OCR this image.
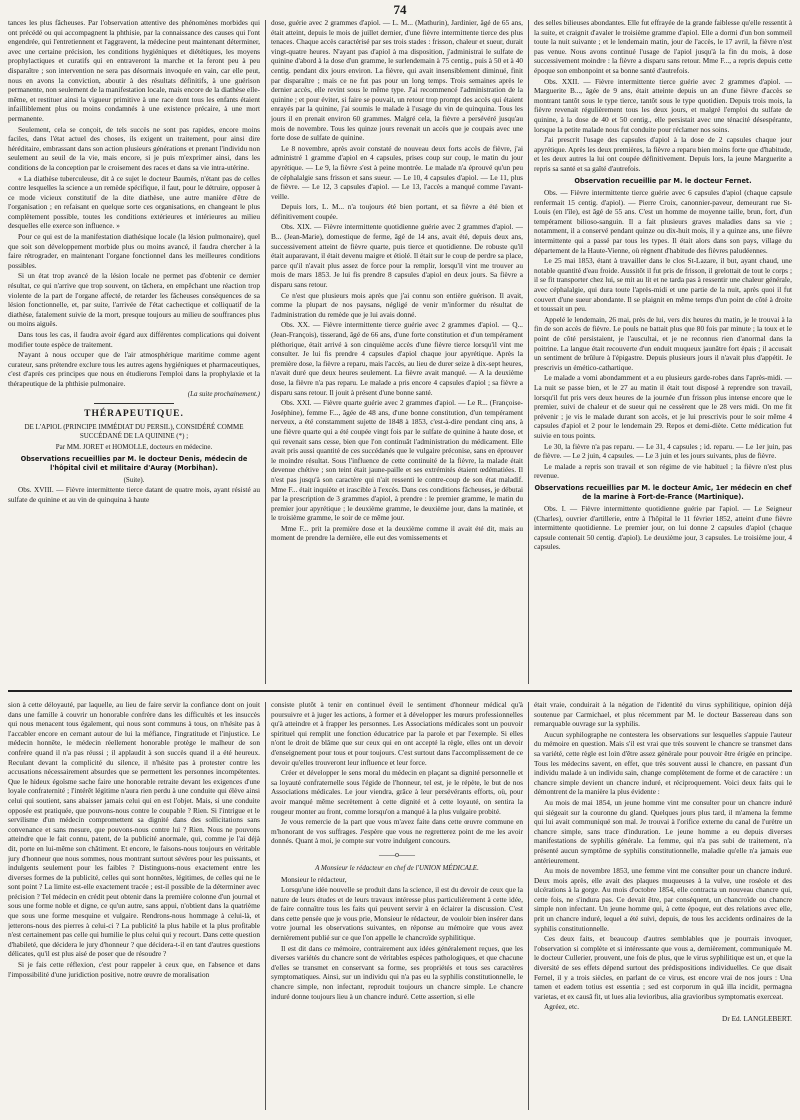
74

tances les plus fâcheuses. Par l'observation attentive des phénomènes morbides qui ont précédé ou qui accompagnent la phthisie, par la connaissance des causes qui l'ont engendrée, qui l'entretiennent et l'aggravent, la médecine peut maintenant déterminer, avec une certaine précision, les conditions hygiéniques et diététiques, les moyens prophylactiques et curatifs qui en entraveront la marche et la feront peu à peu disparaître ; son intervention ne sera pas désormais invoquée en vain, car elle peut, nous en avons la conviction, aboutir à des résultats définitifs, à une guérison permanente, non seulement de la manifestation locale, mais encore de la diathèse elle-même, et restituer ainsi la vigueur primitive à une race dont tous les enfants étaient infailliblement plus ou moins condamnés à une existence précaire, à une mort permanente.

Seulement, cela se conçoit, de tels succès ne sont pas rapides, encore moins faciles, dans l'état actuel des choses, ils exigent un traitement, pour ainsi dire héréditaire, embrassant dans son action plusieurs générations et prenant l'individu non seulement au seuil de la vie, mais encore, si je puis m'exprimer ainsi, dans les conditions de la conception par le croisement des races et dans sa vie intra-utérine.

« La diathèse tuberculeuse, dit à ce sujet le docteur Baumès, n'étant pas de celles contre lesquelles la science a un remède spécifique, il faut, pour le détruire, opposer à ce mode vicieux constitutif de la dite diathèse, une autre manière d'être de l'organisation ; en refaisant en quelque sorte ces organisations, en changeant le plus complètement possible, toutes les conditions extérieures et intérieures au milieu desquelles elle exerce son influence. »

Pour ce qui est de la manifestation diathésique locale (la lésion pulmonaire), quel que soit son développement morbide plus ou moins avancé, il faudra chercher à la faire rétrograder, en maintenant l'organe fonctionnel dans les meilleures conditions possibles.

Si un état trop avancé de la lésion locale ne permet pas d'obtenir ce dernier résultat, ce qui n'arrive que trop souvent, on tâchera, en empêchant une réaction trop violente de la part de l'organe affecté, de retarder les fâcheuses conséquences de sa lésion fonctionnelle, et, par suite, l'arrivée de l'état cachectique et colliquatif de la diathèse, fatalement suivie de la mort, presque toujours au milieu de souffrances plus ou moins aiguës.

Dans tous les cas, il faudra avoir égard aux différentes complications qui doivent modifier toute espèce de traitement.

N'ayant à nous occuper que de l'air atmosphérique maritime comme agent curateur, sans prétendre exclure tous les autres agens hygiéniques et pharmaceutiques, c'est d'après ces principes que nous en étudierons l'emploi dans la prophylaxie et la thérapeutique de la phthisie pulmonaire.

(La suite prochainement.)
THÉRAPEUTIQUE.
DE L'APIOL (PRINCIPE IMMÉDIAT DU PERSIL), CONSIDÉRÉ COMME SUCCÉDANÉ DE LA QUININE (*) ;
Par MM. JORET et HOMOLLE, docteurs en médecine.
Observations recueillies par M. le docteur Denis, médecin de l'hôpital civil et militaire d'Auray (Morbihan).
(Suite).

Obs. XVIII. — Fièvre intermittente tierce datant de quatre mois, ayant résisté au sulfate de quinine et au vin de quinquina à haute

dose, guérie avec 2 grammes d'apiol. — L. M... (Mathurin), Jardinier, âgé de 65 ans, était atteint, depuis le mois de juillet dernier, d'une fièvre intermittente tierce des plus tenaces. Chaque accès caractérisé par ses trois stades : frisson, chaleur et sueur, durait vingt-quatre heures. N'ayant pas d'apiol à ma disposition, j'administrai le sulfate de quinine d'abord à la dose d'un gramme, le surlendemain à 75 centig., puis à 50 et à 40 centig. pendant dix jours environ. La fièvre, qui avait insensiblement diminué, finit par disparaître ; mais ce ne fut pas pour un long temps. Trois semaines après le dernier accès, elle revint sous le même type. J'ai recommencé l'administration de la quinine ; et pour éviter, si faire se pouvait, un retour trop prompt des accès qui étaient enrayés par la quinine, j'ai soumis le malade à l'usage du vin de quinquina. Tous les jours il en prenait environ 60 grammes. Malgré cela, la fièvre a persévéré jusqu'au mois de novembre. Tous les quinze jours revenait un accès que je coupais avec une forte dose de sulfate de quinine.

Le 8 novembre, après avoir constaté de nouveau deux forts accès de fièvre, j'ai administré 1 gramme d'apiol en 4 capsules, prises coup sur coup, le matin du jour apyrétique. — Le 9, la fièvre s'est à peine montrée. Le malade n'a éprouvé qu'un peu de céphalalgie sans frisson et sans sueur. — Le 10, 4 capsules d'apiol. — Le 11, plus de fièvre. — Le 12, 3 capsules d'apiol. — Le 13, l'accès a manqué comme l'avant-veille.

Depuis lors, L. M... n'a toujours été bien portant, et sa fièvre a été bien et définitivement coupée.

Obs. XIX. — Fièvre intermittente quotidienne guérie avec 2 grammes d'apiol. — B... (Jean-Marie), domestique de ferme, âgé de 14 ans, avait été, depuis deux ans, successivement atteint de fièvre quarte, puis tierce et quotidienne. De robuste qu'il était auparavant, il était devenu maigre et étiolé. Il était sur le coup de perdre sa place, parce qu'il n'avait plus assez de force pour la remplir, lorsqu'il vint me trouver au mois de mars 1853. Je lui fis prendre 8 capsules d'apiol en deux jours. Sa fièvre a disparu sans retour.

Ce n'est que plusieurs mois après que j'ai connu son entière guérison. Il avait, comme la plupart de nos paysans, négligé de venir m'informer du résultat de l'administration du remède que je lui avais donné.

Obs. XX. — Fièvre intermittente tierce guérie avec 2 grammes d'apiol. — Q... (Jean-François), tisserand, âgé de 66 ans, d'une forte constitution et d'un tempérament pléthorique, était arrivé à son cinquième accès d'une fièvre tierce lorsqu'il vint me consulter. Je lui fis prendre 4 capsules d'apiol chaque jour apyrétique. Après la première dose, la fièvre a reparu, mais l'accès, au lieu de durer seize à dix-sept heures, n'avait duré que deux heures seulement. La fièvre avait manqué. — A la deuxième dose, la fièvre n'a pas reparu. Le malade a pris encore 4 capsules d'apiol ; sa fièvre a disparu sans retour. Il jouit à présent d'une bonne santé.

Obs. XXI. — Fièvre quarte guérie avec 2 grammes d'apiol. — Le R... (Françoise-Joséphine), femme F..., âgée de 48 ans, d'une bonne constitution, d'un tempérament nerveux, a été constamment sujette de 1848 à 1853, c'est-à-dire pendant cinq ans, à une fièvre quarte qui a été coupée vingt fois par le sulfate de quinine à haute dose, et qui revenait sans cesse, bien que l'on continuât l'administration du médicament. Elle avait pris aussi quantité de ces succédanés que le vulgaire préconise, sans en éprouver le moindre résultat. Sous l'influence de cette continuité de la fièvre, la malade était devenue chétive ; son teint était jaune-paille et ses extrémités étaient œdématiées. Il n'est pas jusqu'à son caractère qui n'ait ressenti le contre-coup de son état maladif. Mme F... était inquiète et irascible à l'excès. Dans ces conditions fâcheuses, je débutai par la prescription de 3 grammes d'apiol, à prendre : le premier gramme, le matin du premier jour apyrétique ; le deuxième gramme, le deuxième jour, dans la matinée, et le troisième gramme, le soir de ce même jour.

Mme F... prit la première dose et la deuxième comme il avait été dit, mais au moment de prendre la dernière, elle eut des vomissements et

des selles bilieuses abondantes. Elle fut effrayée de la grande faiblesse qu'elle ressentit à la suite, et craignit d'avaler le troisième gramme d'apiol. Elle a dormi d'un bon sommeil toute la nuit suivante ; et le lendemain matin, jour de l'accès, le 17 avril, la fièvre n'est pas venue. Nous avons continué l'usage de l'apiol jusqu'à la fin du mois, à dose successivement moindre : la fièvre a disparu sans retour. Mme F..., a repris depuis cette époque son embonpoint et sa bonne santé d'autrefois.

Obs. XXII. — Fièvre intermittente tierce guérie avec 2 grammes d'apiol. — Marguerite B..., âgée de 9 ans, était atteinte depuis un an d'une fièvre d'accès se montrant tantôt sous le type tierce, tantôt sous le type quotidien. Depuis trois mois, la fièvre revenait régulièrement tous les deux jours, et malgré l'emploi du sulfate de quinine, à la dose de 40 et 50 centig., elle persistait avec une ténacité désespérante, lorsque la petite malade nous fut conduite pour réclamer nos soins.

J'ai prescrit l'usage des capsules d'apiol à la dose de 2 capsules chaque jour apyrétique. Après les deux premières, la fièvre a reparu bien moins forte que d'habitude, et les deux autres la lui ont coupée définitivement. Depuis lors, la jeune Marguerite a repris sa santé et sa gaîté d'autrefois.

Observation recueillie par M. le docteur Fernet.

Obs. — Fièvre intermittente tierce guérie avec 6 capsules d'apiol (chaque capsule renfermait 15 centig. d'apiol). — Pierre Croix, canonnier-paveur, demeurant rue St-Louis (en l'île), est âgé de 55 ans. C'est un homme de moyenne taille, brun, fort, d'un tempérament bilioso-sanguin. Il a fait plusieurs graves maladies dans sa vie ; notamment, il a conservé pendant quinze ou dix-huit mois, il y a quinze ans, une fièvre intermittente qui a passé par tous les types. Il était alors dans son pays, village du département de la Haute-Vienne, où règnent d'habitude des fièvres paludéennes.

Le 25 mai 1853, étant à travailler dans le clos St-Lazare, il but, ayant chaud, une notable quantité d'eau froide. Aussitôt il fut pris de frisson, il grelottait de tout le corps ; il se fit transporter chez lui, se mit au lit et ne tarda pas à ressentir une chaleur générale, avec céphalalgie, qui dura toute l'après-midi et une partie de la nuit, après quoi il fut couvert d'une sueur abondante. Il se plaignit en même temps d'un point de côté à droite et toussait un peu.

Appelé le lendemain, 26 mai, près de lui, vers dix heures du matin, je le trouvai à la fin de son accès de fièvre. Le pouls ne battait plus que 80 fois par minute ; la toux et le point de côté persistaient, je l'auscultai, et je ne reconnus rien d'anormal dans la poitrine. La langue était recouverte d'un enduit muqueux jaunâtre fort épais ; il accusait un sentiment de brûlure à l'épigastre. Depuis plusieurs jours il n'avait plus d'appétit. Je prescrivis un émético-cathartique.

Le malade a vomi abondamment et a eu plusieurs garde-robes dans l'après-midi. — La nuit se passe bien, et le 27 au matin il était tout disposé à reprendre son travail, lorsqu'il fut pris vers deux heures de la journée d'un frisson plus intense encore que le premier, suivi de chaleur et de sueur qui ne cessèrent que le 28 vers midi. On me fit prévenir ; je vis le malade durant son accès, et je lui prescrivis pour le soir même 4 capsules d'apiol et 2 pour le lendemain 29. Repos et demi-diète. Cette médication fut suivie en tous points.

Le 30, la fièvre n'a pas reparu. — Le 31, 4 capsules ; id. reparu. — Le 1er juin, pas de fièvre. — Le 2 juin, 4 capsules. — Le 3 juin et les jours suivants, plus de fièvre.

Le malade a repris son travail et son régime de vie habituel ; la fièvre n'est plus revenue.

Observations recueillies par M. le docteur Amic, 1er médecin en chef de la marine à Fort-de-France (Martinique).

Obs. I. — Fièvre intermittente quotidienne guérie par l'apiol. — Le Seigneur (Charles), ouvrier d'artillerie, entre à l'hôpital le 11 février 1852, atteint d'une fièvre intermittente quotidienne. Le premier jour, on lui donne 2 capsules d'apiol (chaque capsule contenait 50 centig. d'apiol). Le deuxième jour, 3 capsules. Le troisième jour, 4 capsules.

sion à cette déloyauté, par laquelle, au lieu de faire servir la confiance dont on jouit dans une famille à couvrir un honorable confrère dans les difficultés et les insuccès qui nous menacent tous également, qui nous sont communs à tous, on n'hésite pas à l'accabler encore en cernant autour de lui la méfiance, l'ingratitude et l'injustice. Le médecin honnête, le médecin réellement honorable protège le malheur de son confrère quand il n'a pas réussi ; il applaudit à son succès quand il a été heureux. Reculant devant la complicité du silence, il n'hésite pas à protester contre les accusations nécessairement absurdes que se permettent les personnes incompétentes. Que le hideux égoïsme sache faire une honorable retraite devant les exigences d'une loyale confraternité ; l'intérêt légitime n'aura rien perdu à une conduite qui élève ainsi celui qui soutient, sans abaisser jamais celui qui en est l'objet. Mais, si une conduite opposée est pratiquée, que pouvons-nous contre le coupable ? Rien. Si l'intrigue et le servilisme d'un médecin compromettent sa dignité dans des sollicitations sans convenance et sans mesure, que pouvons-nous contre lui ? Rien. Nous ne pouvons atteindre que le fait connu, patent, de la publicité anormale, qui, comme je l'ai déjà dit, porte en lui-même son châtiment. Et encore, le faisons-nous toujours en véritable jury d'honneur que nous sommes, nous montrant surtout sévères pour les puissants, et indulgents seulement pour les faibles ? Distinguons-nous exactement entre les diverses formes de la publicité, celles qui sont honnêtes, légitimes, de celles qui ne le sont point ? La limite est-elle exactement tracée ; est-il possible de la déterminer avec précision ? Tel médecin en crédit peut obtenir dans la première colonne d'un journal et sous une forme noble et digne, ce qu'un autre, sans appui, n'obtient dans la quatrième que sous une forme mesquine et vulgaire. Rendrons-nous hommage à celui-là, et jetterons-nous des pierres à celui-ci ? La publicité la plus habile et la plus profitable n'est certainement pas celle qui humilie le plus celui qui y recourt. Dans cette question d'habileté, que décidera le jury d'honneur ? que décidera-t-il en tant d'autres questions délicates, qu'il est plus aisé de poser que de résoudre ?

Si je fais cette réflexion, c'est pour rappeler à ceux que, en l'absence et dans l'impossibilité d'une juridiction positive, notre œuvre de moralisation

consiste plutôt à tenir en continuel éveil le sentiment d'honneur médical qu'à poursuivre et à juger les actions, à former et à développer les mœurs professionnelles qu'à atteindre et à frapper les personnes. Les Associations médicales sont un pouvoir spirituel qui remplit une fonction éducatrice par la parole et par l'exemple. Si elles n'ont le droit de blâme que sur ceux qui en ont accepté la règle, elles ont un devoir d'enseignement pour tous et pour toujours. C'est surtout dans l'accomplissement de ce devoir qu'elles trouveront leur influence et leur force.

Créer et développer le sens moral du médecin en plaçant sa dignité personnelle et sa loyauté confraternelle sous l'égide de l'honneur, tel est, je le répète, le but de nos Associations médicales. Le jour viendra, grâce à leur persévérants efforts, où, pour avoir manqué même secrètement à cette dignité et à cette loyauté, on sentira la rougeur monter au front, comme lorsqu'on a manqué à la plus vulgaire probité.

Je vous remercie de la part que vous m'avez faite dans cette œuvre commune en m'honorant de vos suffrages. J'espère que vous ne regretterez point de me les avoir donnés. Quant à moi, je compte sur votre indulgent concours.

——o——
A Monsieur le rédacteur en chef de l'UNION MÉDICALE.

Monsieur le rédacteur,

Lorsqu'une idée nouvelle se produit dans la science, il est du devoir de ceux que la nature de leurs études et de leurs travaux intéresse plus particulièrement à cette idée, de faire connaître tous les faits qui peuvent servir à en éclairer la discussion. C'est dans cette pensée que je vous prie, Monsieur le rédacteur, de vouloir bien insérer dans votre journal les observations suivantes, en réponse au mémoire que vous avez dernièrement publié sur ce que l'on appelle le chancroïde syphilitique.

Il est dit dans ce mémoire, contrairement aux idées généralement reçues, que les diverses variétés du chancre sont de véritables espèces pathologiques, et que chacune d'elles se transmet en conservant sa forme, ses propriétés et tous ses caractères symptomatiques. Ainsi, sur un individu qui n'a pas eu la syphilis constitutionnelle, le chancre simple, non infectant, reproduit toujours un chancre simple. Le chancre induré donne toujours lieu à un chancre induré. Cette assertion, si elle

était vraie, conduirait à la négation de l'identité du virus syphilitique, opinion déjà soutenue par Carmichael, et plus récemment par M. le docteur Bassereau dans son remarquable ouvrage sur la syphilis.

Aucun syphilographe ne contestera les observations sur lesquelles s'appuie l'auteur du mémoire en question. Mais s'il est vrai que très souvent le chancre se transmet dans sa variété, cette règle est loin d'être assez générale pour pouvoir être érigée en principe. Tous les médecins savent, en effet, que très souvent aussi le chancre, en passant d'un individu malade à un individu sain, change complètement de forme et de caractère : un chancre simple devient un chancre induré, et réciproquement. Voici deux faits qui le démontrent de la manière la plus évidente :

Au mois de mai 1854, un jeune homme vint me consulter pour un chancre induré qui siégeait sur la couronne du gland. Quelques jours plus tard, il m'amena la femme qui lui avait communiqué son mal. Je trouvai à l'orifice externe du canal de l'urètre un chancre simple, sans trace d'induration. Le jeune homme a eu depuis diverses manifestations de syphilis générale. La femme, qui n'a pas subi de traitement, n'a présenté aucun symptôme de syphilis constitutionnelle, maladie qu'elle n'a jamais eue antérieurement.

Au mois de novembre 1853, une femme vint me consulter pour un chancre induré. Deux mois après, elle avait des plaques muqueuses à la vulve, une roséole et des ulcérations à la gorge. Au mois d'octobre 1854, elle contracta un nouveau chancre qui, cette fois, ne s'indura pas. Ce devait être, par conséquent, un chancroïde ou chancre simple non infectant. Un jeune homme qui, à cette époque, eut des relations avec elle, prit un chancre induré, lequel a été suivi, depuis, de tous les accidents ordinaires de la syphilis constitutionnelle.

Ces deux faits, et beaucoup d'autres semblables que je pourrais invoquer, l'observation si complète et si intéressante que vous a, dernièrement, communiquée M. le docteur Cullerier, prouvent, une fois de plus, que le virus syphilitique est un, et que la diversité de ses effets dépend surtout des prédispositions individuelles. Ce que disait Fernel, il y a trois siècles, en parlant de ce virus, est encore vrai de nos jours : Una tamen et eadem totius est essentia ; sed est corporum in quâ illa incidit, permagna varietas, et ex causâ fit, ut lues alia levioribus, alia gravioribus symptomatis exerceat.

Agréez, etc.

Dr Ed. LANGLEBERT.
